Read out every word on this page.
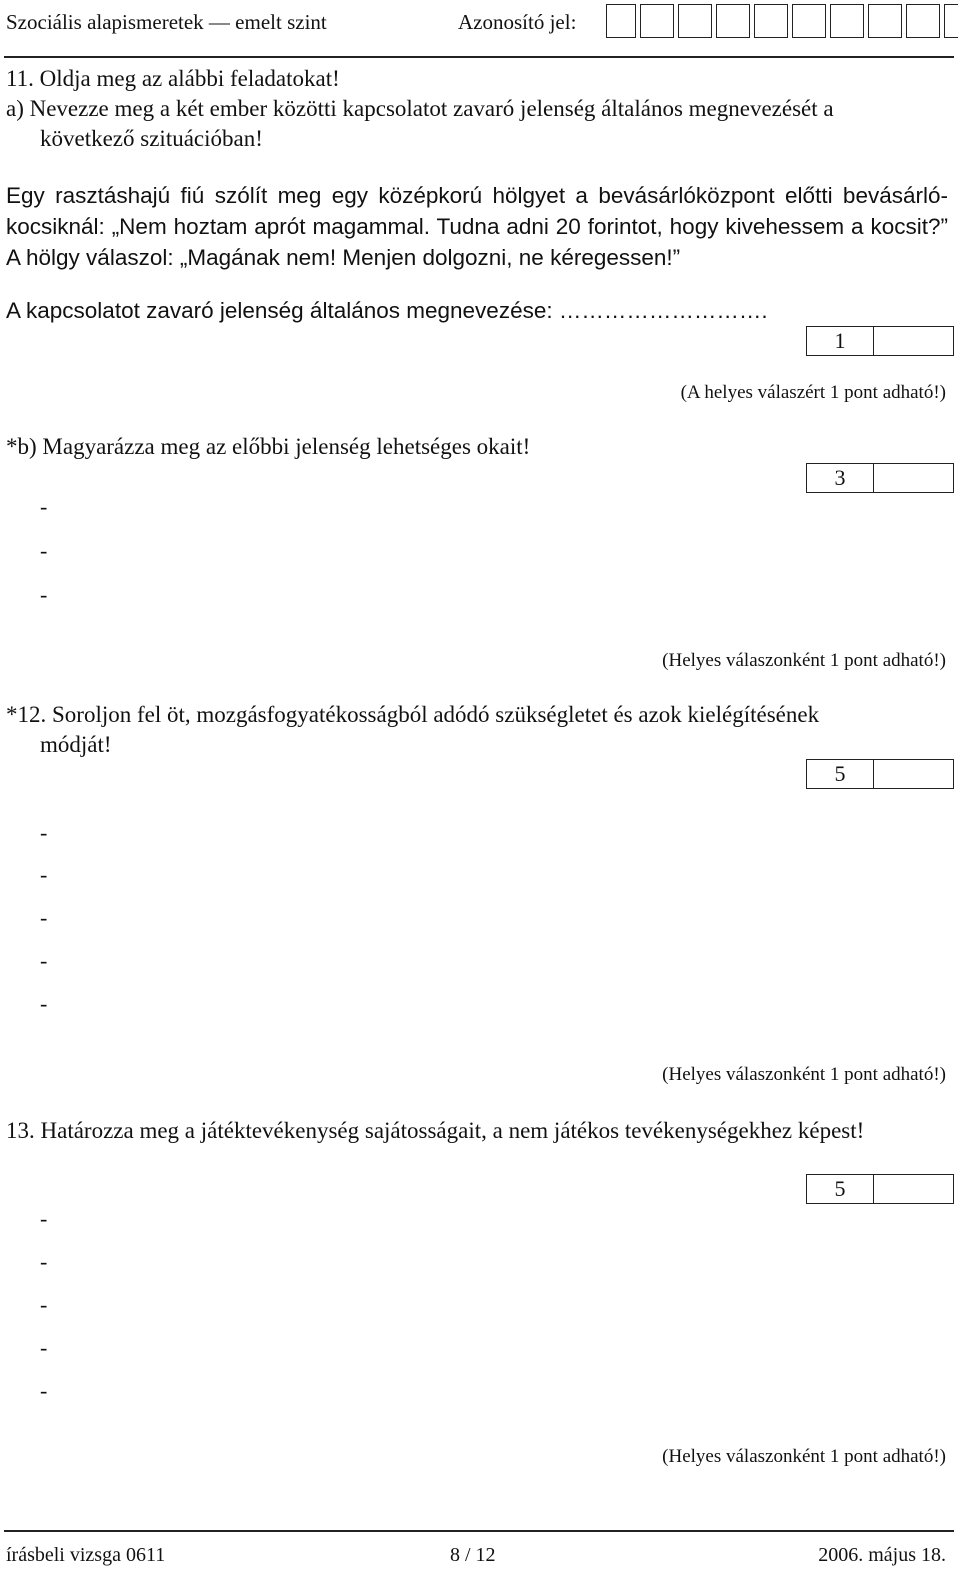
Szociális alapismeretek — emelt szint	Azonosító jel:
11. Oldja meg az alábbi feladatokat!
a) Nevezze meg a két ember közötti kapcsolatot zavaró jelenség általános megnevezését a
következő szituációban!
Egy rasztáshajú fiú szólít meg egy középkorú hölgyet a bevásárlóközpont előtti bevásárló-kocsiknál: „Nem hoztam aprót magammal. Tudna adni 20 forintot, hogy kivehessem a kocsit?” A hölgy válaszol: „Magának nem! Menjen dolgozni, ne kéregessen!”
A kapcsolatot zavaró jelenség általános megnevezése: ……………………….
1
(A helyes válaszért 1 pont adható!)
*b) Magyarázza meg az előbbi jelenség lehetséges okait!
3
-
-
-
(Helyes válaszonként 1 pont adható!)
*12. Soroljon fel öt, mozgásfogyatékosságból adódó szükségletet és azok kielégítésének
módját!
5
-
-
-
-
-
(Helyes válaszonként 1 pont adható!)
13. Határozza meg a játéktevékenység sajátosságait, a nem játékos tevékenységekhez képest!
5
-
-
-
-
-
(Helyes válaszonként 1 pont adható!)
írásbeli vizsga 0611	8 / 12	2006. május 18.
